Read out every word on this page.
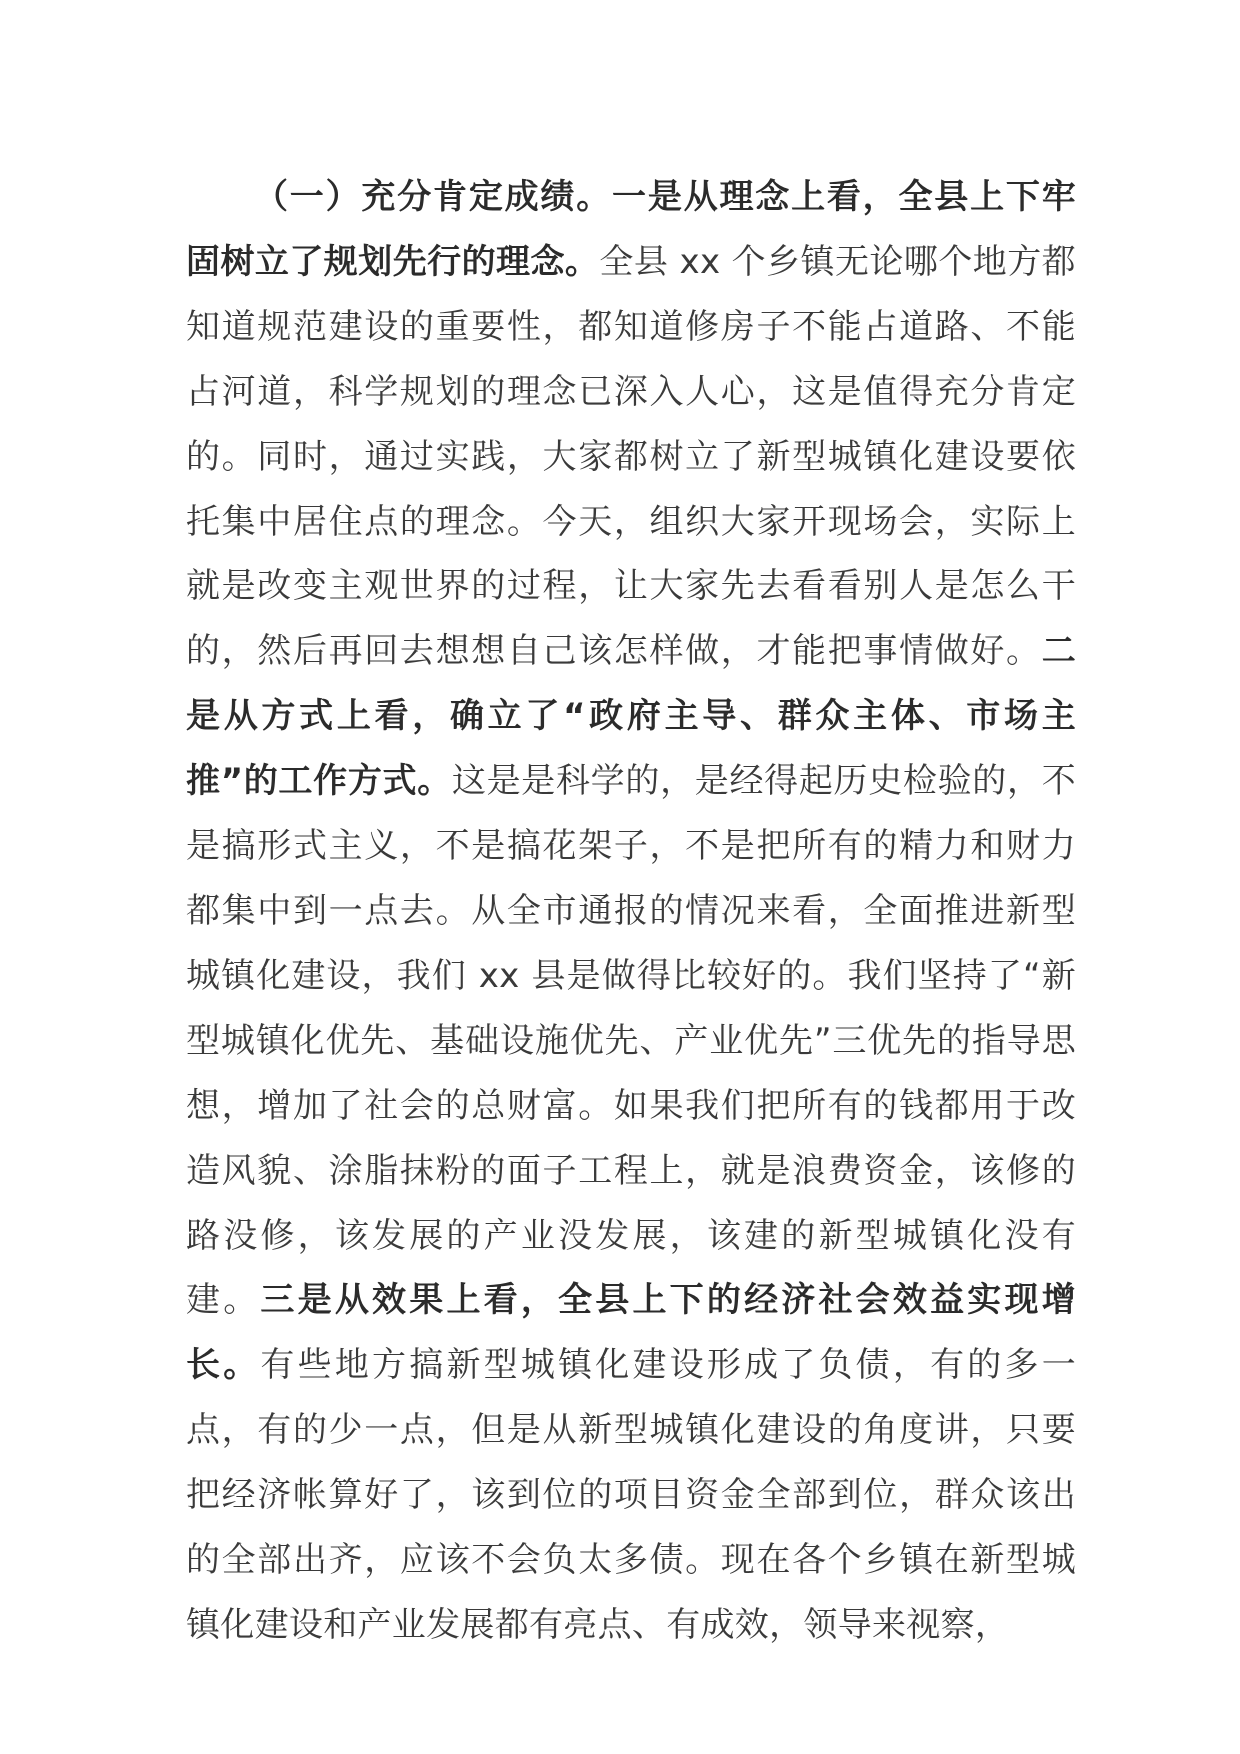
（一）充分肯定成绩。一是从理念上看，全县上下牢固树立了规划先行的理念。全县 xx 个乡镇无论哪个地方都知道规范建设的重要性，都知道修房子不能占道路、不能占河道，科学规划的理念已深入人心，这是值得充分肯定的。同时，通过实践，大家都树立了新型城镇化建设要依托集中居住点的理念。今天，组织大家开现场会，实际上就是改变主观世界的过程，让大家先去看看别人是怎么干的，然后再回去想想自己该怎样做，才能把事情做好。二是从方式上看，确立了“政府主导、群众主体、市场主推”的工作方式。这是是科学的，是经得起历史检验的，不是搞形式主义，不是搞花架子，不是把所有的精力和财力都集中到一点去。从全市通报的情况来看，全面推进新型城镇化建设，我们 xx 县是做得比较好的。我们坚持了“新型城镇化优先、基础设施优先、产业优先”三优先的指导思想，增加了社会的总财富。如果我们把所有的钱都用于改造风貌、涂脂抹粉的面子工程上，就是浪费资金，该修的路没修，该发展的产业没发展，该建的新型城镇化没有建。三是从效果上看，全县上下的经济社会效益实现增长。有些地方搞新型城镇化建设形成了负债，有的多一点，有的少一点，但是从新型城镇化建设的角度讲，只要把经济帐算好了，该到位的项目资金全部到位，群众该出的全部出齐，应该不会负太多债。现在各个乡镇在新型城镇化建设和产业发展都有亮点、有成效，领导来视察，
